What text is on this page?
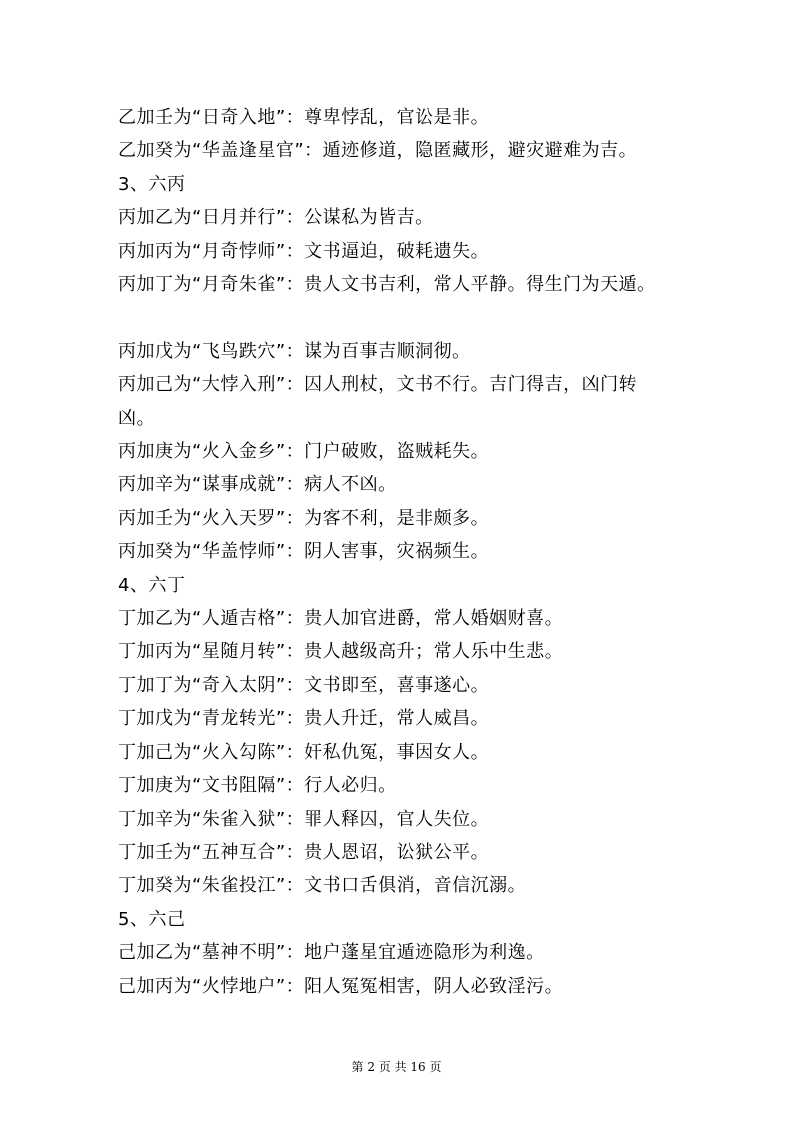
乙加壬为“日奇入地”：尊卑悖乱，官讼是非。
乙加癸为“华盖逢星官”：遁迹修道，隐匿藏形，避灾避难为吉。
3、六丙
丙加乙为“日月并行”：公谋私为皆吉。
丙加丙为“月奇悖师”：文书逼迫，破耗遗失。
丙加丁为“月奇朱雀”：贵人文书吉利，常人平静。得生门为天遁。
丙加戊为“飞鸟跌穴”：谋为百事吉顺洞彻。
丙加己为“大悖入刑”：囚人刑杖，文书不行。吉门得吉，凶门转
凶。
丙加庚为“火入金乡”：门户破败，盗贼耗失。
丙加辛为“谋事成就”：病人不凶。
丙加壬为“火入天罗”：为客不利，是非颇多。
丙加癸为“华盖悖师”：阴人害事，灾祸频生。
4、六丁
丁加乙为“人遁吉格”：贵人加官进爵，常人婚姻财喜。
丁加丙为“星随月转”：贵人越级高升；常人乐中生悲。
丁加丁为“奇入太阴”：文书即至，喜事遂心。
丁加戊为“青龙转光”：贵人升迁，常人威昌。
丁加己为“火入勾陈”：奸私仇冤，事因女人。
丁加庚为“文书阻隔”：行人必归。
丁加辛为“朱雀入狱”：罪人释囚，官人失位。
丁加壬为“五神互合”：贵人恩诏，讼狱公平。
丁加癸为“朱雀投江”：文书口舌俱消，音信沉溺。
5、六己
己加乙为“墓神不明”：地户蓬星宜遁迹隐形为利逸。
己加丙为“火悖地户”：阳人冤冤相害，阴人必致淫污。
第 2 页 共 16 页
